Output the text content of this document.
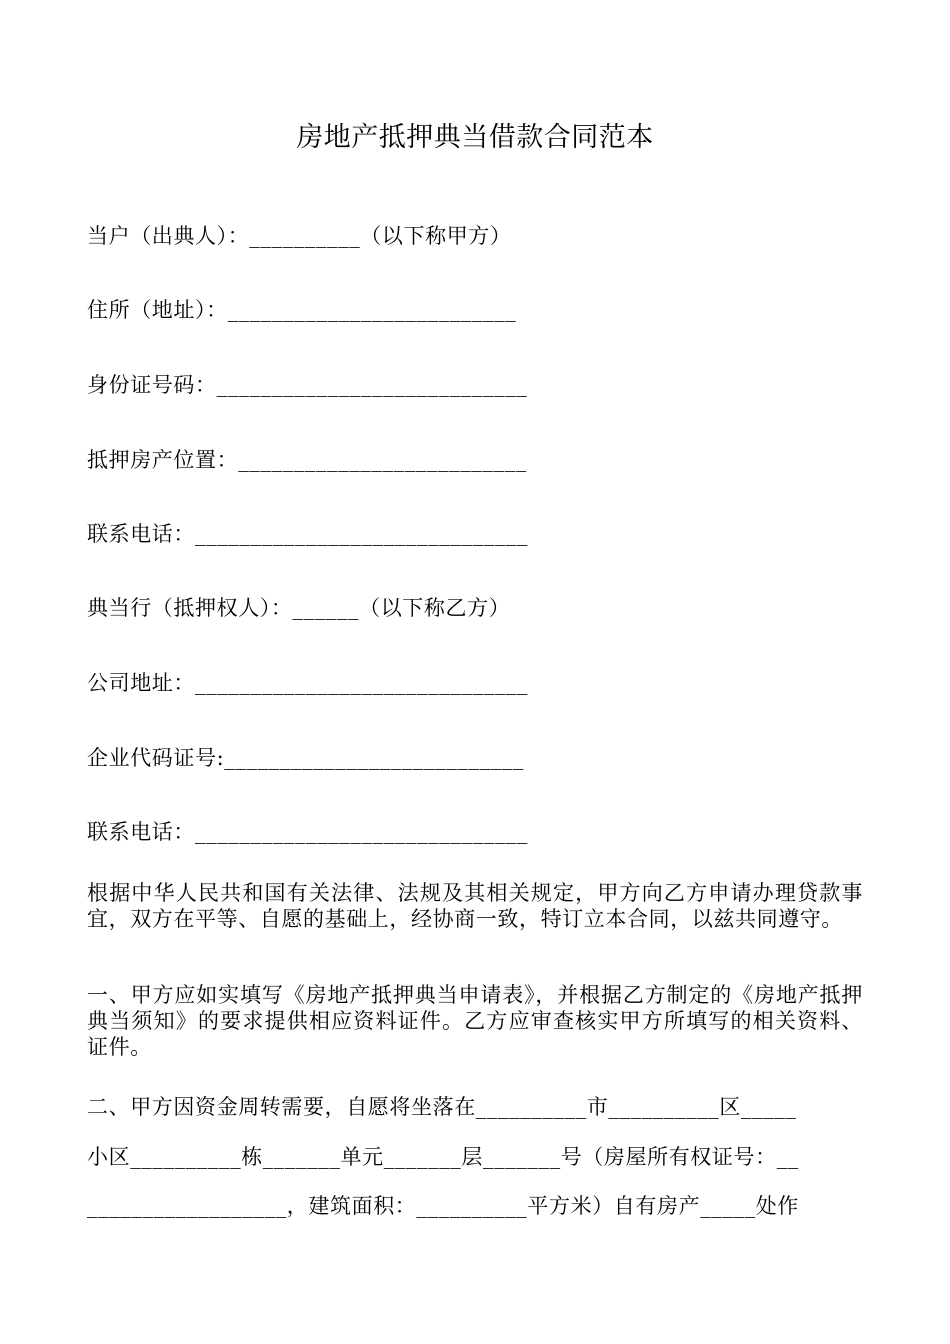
房地产抵押典当借款合同范本
当户（出典人）：__________（以下称甲方）
住所（地址）：__________________________
身份证号码：____________________________
抵押房产位置：__________________________
联系电话：______________________________
典当行（抵押权人）：______（以下称乙方）
公司地址：______________________________
企业代码证号:___________________________
联系电话：______________________________
根据中华人民共和国有关法律、法规及其相关规定，甲方向乙方申请办理贷款事宜，双方在平等、自愿的基础上，经协商一致，特订立本合同，以兹共同遵守。
一、甲方应如实填写《房地产抵押典当申请表》，并根据乙方制定的《房地产抵押典当须知》的要求提供相应资料证件。乙方应审查核实甲方所填写的相关资料、证件。
二、甲方因资金周转需要，自愿将坐落在__________市__________区_____
小区__________栋_______单元_______层_______号（房屋所有权证号：__
__________________，建筑面积：__________平方米）自有房产_____处作
